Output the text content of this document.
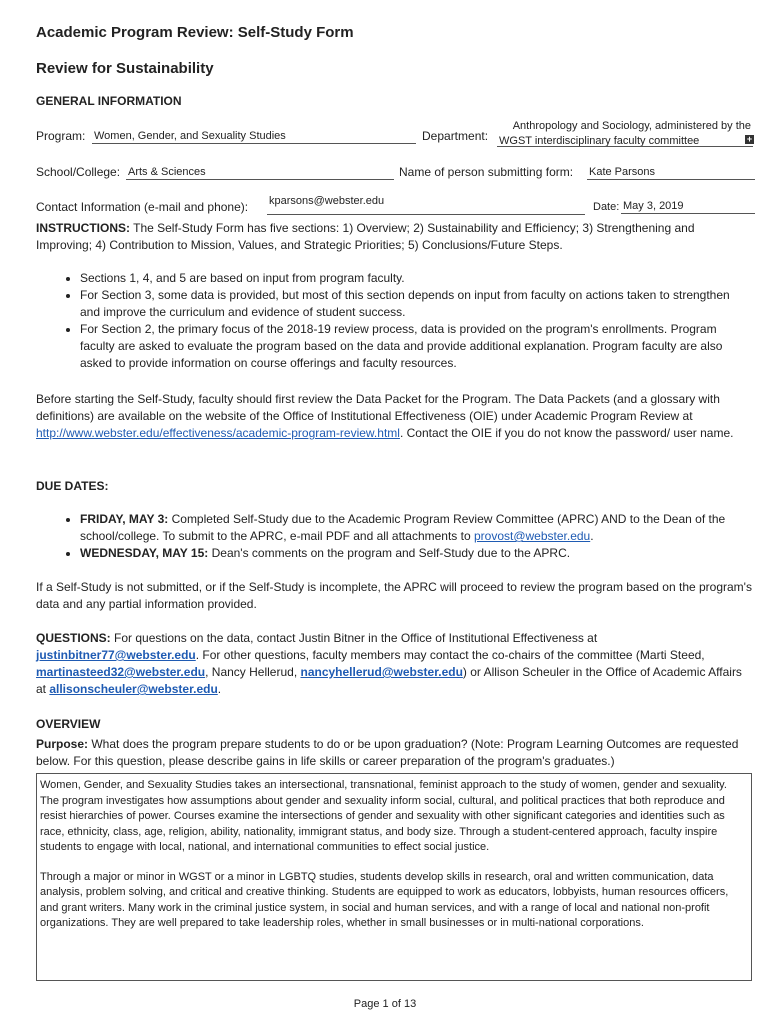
Academic Program Review: Self-Study Form
Review for Sustainability
GENERAL INFORMATION
Program: Women, Gender, and Sexuality Studies	Department:
Anthropology and Sociology, administered by the
WGST interdisciplinary faculty committee	+
School/College: Arts & Sciences	Name of person submitting form: Kate Parsons
Contact Information (e-mail and phone): kparsons@webster.edu	Date: May 3, 2019
INSTRUCTIONS: The Self-Study Form has five sections: 1) Overview; 2) Sustainability and Efficiency; 3) Strengthening and Improving; 4) Contribution to Mission, Values, and Strategic Priorities; 5) Conclusions/Future Steps.
• Sections 1, 4, and 5 are based on input from program faculty.
• For Section 3, some data is provided, but most of this section depends on input from faculty on actions taken to strengthen and improve the curriculum and evidence of student success.
• For Section 2, the primary focus of the 2018-19 review process, data is provided on the program's enrollments. Program faculty are asked to evaluate the program based on the data and provide additional explanation. Program faculty are also asked to provide information on course offerings and faculty resources.
Before starting the Self-Study, faculty should first review the Data Packet for the Program. The Data Packets (and a glossary with definitions) are available on the website of the Office of Institutional Effectiveness (OIE) under Academic Program Review at http://www.webster.edu/effectiveness/academic-program-review.html. Contact the OIE if you do not know the password/ user name.
DUE DATES:
• FRIDAY, MAY 3: Completed Self-Study due to the Academic Program Review Committee (APRC) AND to the Dean of the school/college. To submit to the APRC, e-mail PDF and all attachments to provost@webster.edu.
• WEDNESDAY, MAY 15: Dean's comments on the program and Self-Study due to the APRC.
If a Self-Study is not submitted, or if the Self-Study is incomplete, the APRC will proceed to review the program based on the program's data and any partial information provided.
QUESTIONS: For questions on the data, contact Justin Bitner in the Office of Institutional Effectiveness at justinbitner77@webster.edu. For other questions, faculty members may contact the co-chairs of the committee (Marti Steed, martinasteed32@webster.edu, Nancy Hellerud, nancyhellerud@webster.edu) or Allison Scheuler in the Office of Academic Affairs at allisonscheuler@webster.edu.
OVERVIEW
Purpose: What does the program prepare students to do or be upon graduation? (Note: Program Learning Outcomes are requested below. For this question, please describe gains in life skills or career preparation of the program's graduates.)

Women, Gender, and Sexuality Studies takes an intersectional, transnational, feminist approach to the study of women, gender and sexuality. The program investigates how assumptions about gender and sexuality inform social, cultural, and political practices that both reproduce and resist hierarchies of power. Courses examine the intersections of gender and sexuality with other significant categories and identities such as race, ethnicity, class, age, religion, ability, nationality, immigrant status, and body size. Through a student-centered approach, faculty inspire students to engage with local, national, and international communities to effect social justice.

Through a major or minor in WGST or a minor in LGBTQ studies, students develop skills in research, oral and written communication, data analysis, problem solving, and critical and creative thinking. Students are equipped to work as educators, lobbyists, human resources officers, and grant writers. Many work in the criminal justice system, in social and human services, and with a range of local and national non-profit organizations. They are well prepared to take leadership roles, whether in small businesses or in multi-national corporations.

Page 1 of 13
